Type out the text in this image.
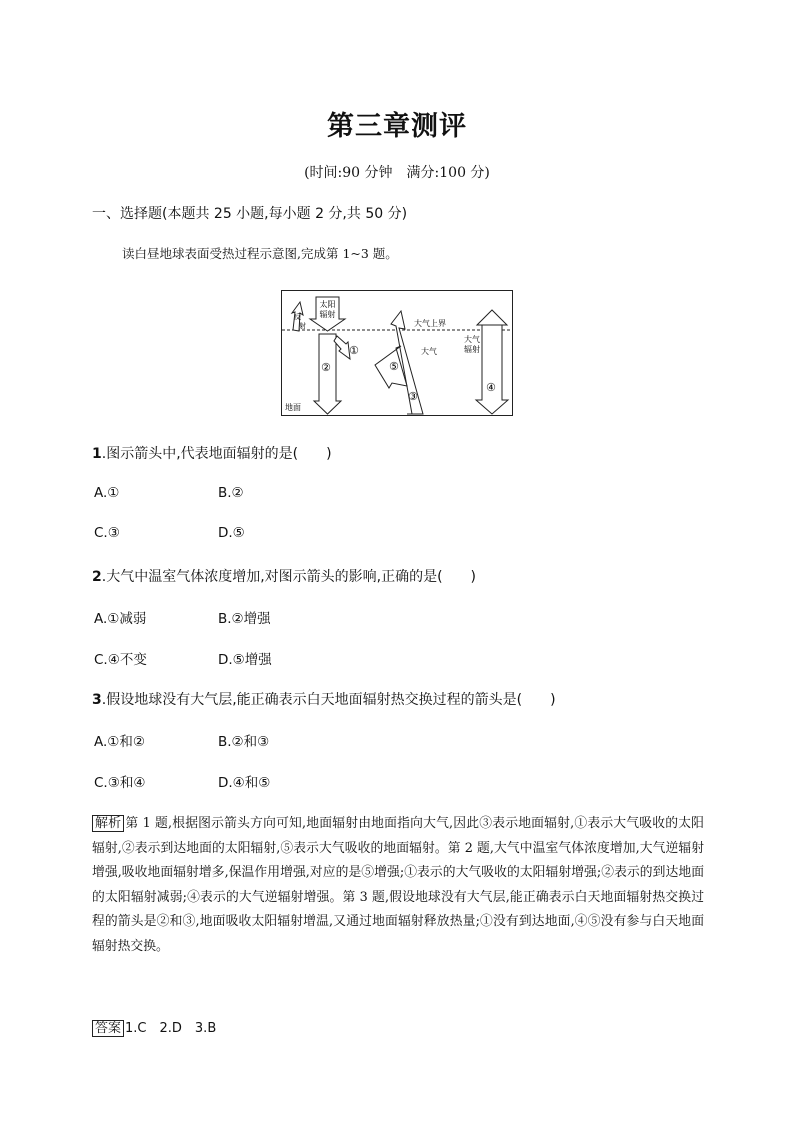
第三章测评
(时间:90 分钟　满分:100 分)
一、选择题(本题共 25 小题,每小题 2 分,共 50 分)
读白昼地球表面受热过程示意图,完成第 1~3 题。
太阳
辐射
反
射
②
①
③
⑤
大气上界
大气
④
大气
辐射
地面
1.图示箭头中,代表地面辐射的是(　　)
A.①	B.②
C.③	D.⑤
2.大气中温室气体浓度增加,对图示箭头的影响,正确的是(　　)
A.①减弱	B.②增强
C.④不变	D.⑤增强
3.假设地球没有大气层,能正确表示白天地面辐射热交换过程的箭头是(　　)
A.①和②	B.②和③
C.③和④	D.④和⑤
解析 第 1 题,根据图示箭头方向可知,地面辐射由地面指向大气,因此③表示地面辐射,①表示大气吸收的太阳辐射,②表示到达地面的太阳辐射,⑤表示大气吸收的地面辐射。第 2 题,大气中温室气体浓度增加,大气逆辐射增强,吸收地面辐射增多,保温作用增强,对应的是⑤增强;①表示的大气吸收的太阳辐射增强;②表示的到达地面的太阳辐射减弱;④表示的大气逆辐射增强。第 3 题,假设地球没有大气层,能正确表示白天地面辐射热交换过程的箭头是②和③,地面吸收太阳辐射增温,又通过地面辐射释放热量;①没有到达地面,④⑤没有参与白天地面辐射热交换。
答案 1.C　2.D　3.B
